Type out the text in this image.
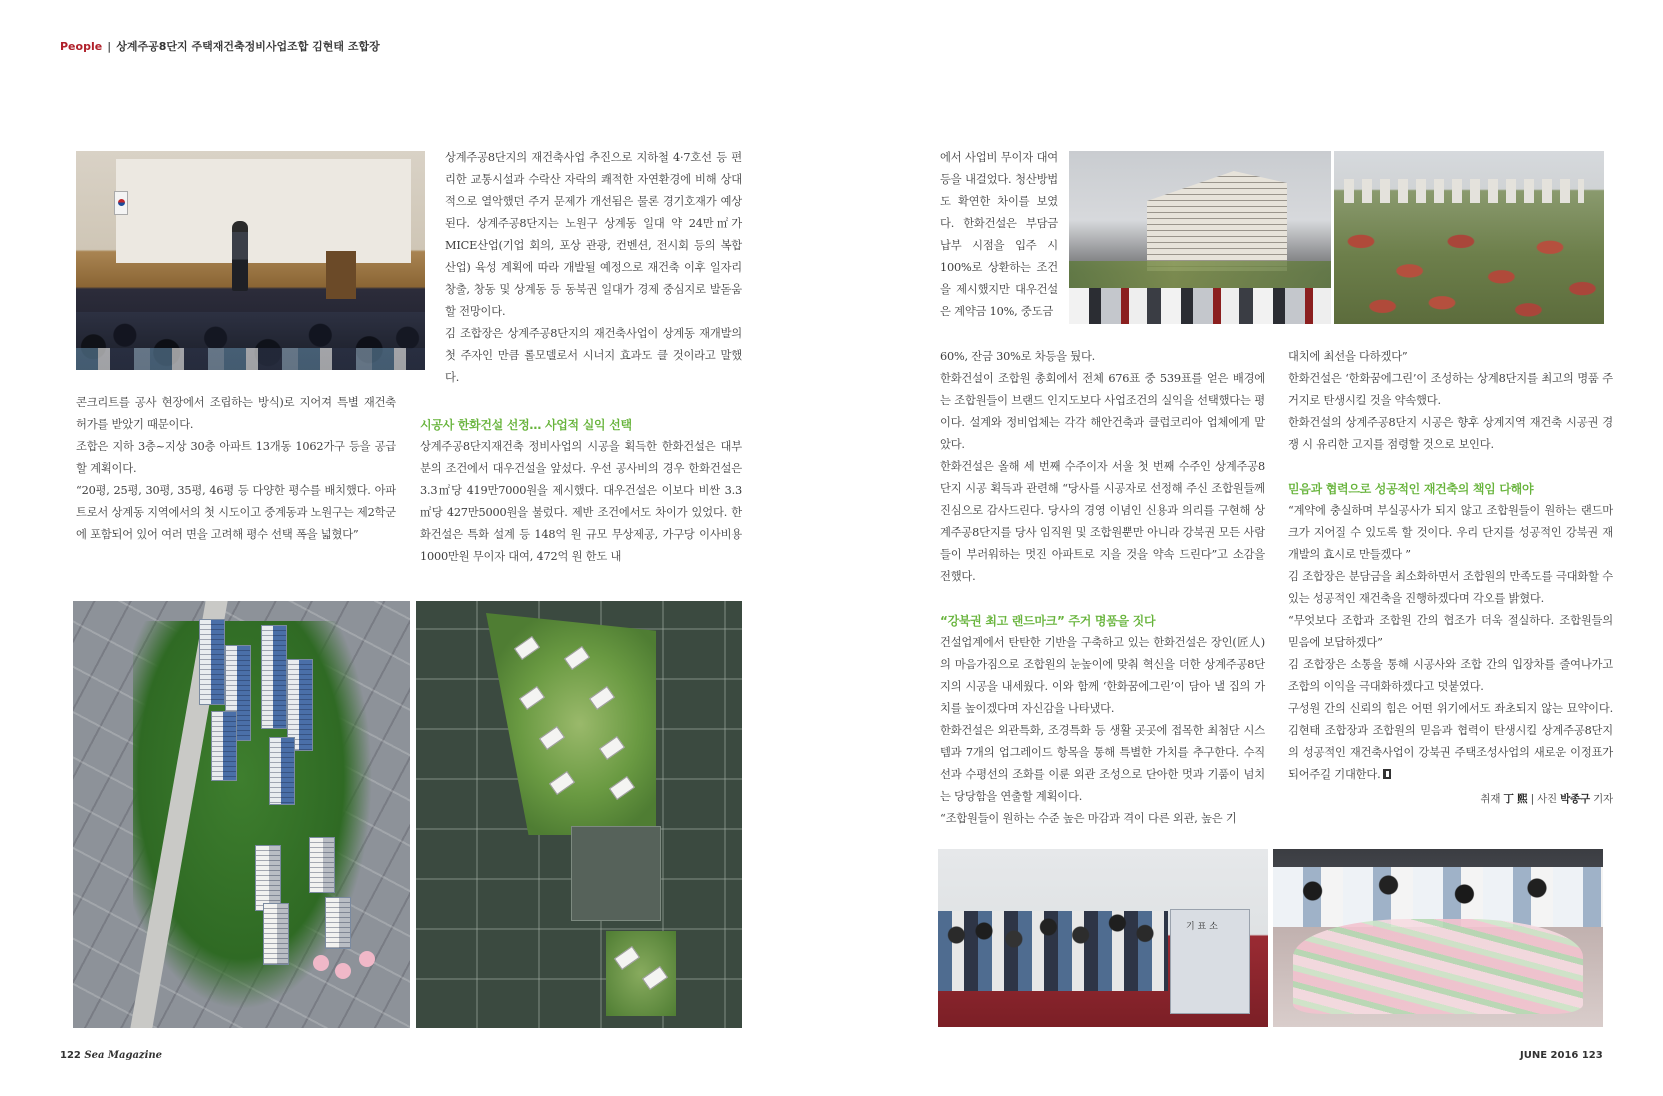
People | 상계주공8단지 주택재건축정비사업조합 김현태 조합장

콘크리트를 공사 현장에서 조립하는 방식)로 지어져 특별 재건축 허가를 받았기 때문이다.

조합은 지하 3층~지상 30층 아파트 13개동 1062가구 등을 공급할 계획이다.

“20평, 25평, 30평, 35평, 46평 등 다양한 평수를 배치했다. 아파트로서 상계동 지역에서의 첫 시도이고 중계동과 노원구는 제2학군에 포함되어 있어 여러 면을 고려해 평수 선택 폭을 넓혔다”

상계주공8단지의 재건축사업 추진으로 지하철 4·7호선 등 편리한 교통시설과 수락산 자락의 쾌적한 자연환경에 비해 상대적으로 열악했던 주거 문제가 개선됨은 물론 경기호재가 예상된다. 상계주공8단지는 노원구 상계동 일대 약 24만㎡가 MICE산업(기업 회의, 포상 관광, 컨벤션, 전시회 등의 복합 산업) 육성 계획에 따라 개발될 예정으로 재건축 이후 일자리 창출, 창동 및 상계동 등 동북권 일대가 경제 중심지로 발돋움할 전망이다.

김 조합장은 상계주공8단지의 재건축사업이 상계동 재개발의 첫 주자인 만큼 롤모델로서 시너지 효과도 클 것이라고 말했다.

시공사 한화건설 선정… 사업적 실익 선택

상계주공8단지재건축 정비사업의 시공을 획득한 한화건설은 대부분의 조건에서 대우건설을 앞섰다. 우선 공사비의 경우 한화건설은 3.3㎡당 419만7000원을 제시했다. 대우건설은 이보다 비싼 3.3㎡당 427만5000원을 불렀다. 제반 조건에서도 차이가 있었다. 한화건설은 특화 설계 등 148억 원 규모 무상제공, 가구당 이사비용 1000만원 무이자 대여, 472억 원 한도 내

에서 사업비 무이자 대여 등을 내걸었다. 청산방법도 확연한 차이를 보였다. 한화건설은 부담금 납부 시점을 입주 시 100%로 상환하는 조건을 제시했지만 대우건설은 계약금 10%, 중도금

60%, 잔금 30%로 차등을 뒀다.

한화건설이 조합원 총회에서 전체 676표 중 539표를 얻은 배경에는 조합원들이 브랜드 인지도보다 사업조건의 실익을 선택했다는 평이다. 설계와 정비업체는 각각 해안건축과 클럽코리아 업체에게 맡았다.

한화건설은 올해 세 번째 수주이자 서울 첫 번째 수주인 상계주공8단지 시공 획득과 관련해 “당사를 시공자로 선정해 주신 조합원들께 진심으로 감사드린다. 당사의 경영 이념인 신용과 의리를 구현해 상계주공8단지를 당사 임직원 및 조합원뿐만 아니라 강북권 모든 사람들이 부러워하는 멋진 아파트로 지을 것을 약속 드린다”고 소감을 전했다.

“강북권 최고 랜드마크” 주거 명품을 짓다

건설업계에서 탄탄한 기반을 구축하고 있는 한화건설은 장인(匠人)의 마음가짐으로 조합원의 눈높이에 맞춰 혁신을 더한 상계주공8단지의 시공을 내세웠다. 이와 함께 ‘한화꿈에그린’이 담아 낼 집의 가치를 높이겠다며 자신감을 나타냈다.

한화건설은 외관특화, 조경특화 등 생활 곳곳에 접목한 최첨단 시스템과 7개의 업그레이드 항목을 통해 특별한 가치를 추구한다. 수직선과 수평선의 조화를 이룬 외관 조성으로 단아한 멋과 기품이 넘치는 당당함을 연출할 계획이다.

“조합원들이 원하는 수준 높은 마감과 격이 다른 외관, 높은 기

대치에 최선을 다하겠다”

한화건설은 ‘한화꿈에그린’이 조성하는 상계8단지를 최고의 명품 주거지로 탄생시킬 것을 약속했다.

한화건설의 상계주공8단지 시공은 향후 상계지역 재건축 시공권 경쟁 시 유리한 고지를 점령할 것으로 보인다.

믿음과 협력으로 성공적인 재건축의 책임 다해야

“계약에 충실하며 부실공사가 되지 않고 조합원들이 원하는 랜드마크가 지어질 수 있도록 할 것이다. 우리 단지를 성공적인 강북권 재개발의 효시로 만들겠다 ”

김 조합장은 분담금을 최소화하면서 조합원의 만족도를 극대화할 수 있는 성공적인 재건축을 진행하겠다며 각오를 밝혔다.

“무엇보다 조합과 조합원 간의 협조가 더욱 절실하다. 조합원들의 믿음에 보답하겠다”

김 조합장은 소통을 통해 시공사와 조합 간의 입장차를 줄여나가고 조합의 이익을 극대화하겠다고 덧붙였다.

구성원 간의 신뢰의 힘은 어떤 위기에서도 좌초되지 않는 묘약이다. 김현태 조합장과 조합원의 믿음과 협력이 탄생시킬 상계주공8단지의 성공적인 재건축사업이 강북권 주택조성사업의 새로운 이정표가 되어주길 기대한다.

취재 丁 熙 | 사진 박종구 기자
기 표 소
122 Sea Magazine	JUNE 2016 123
